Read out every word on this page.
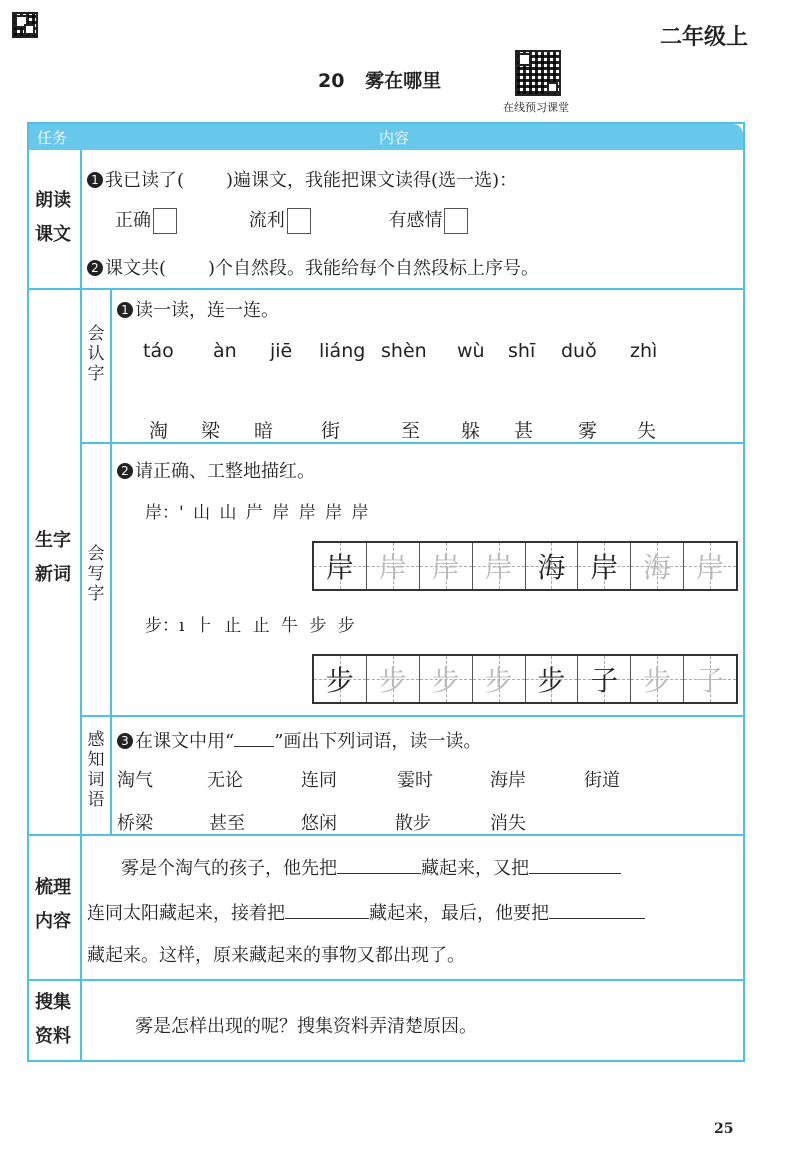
二年级上
20 雾在哪里
在线预习课堂
任务	内容
朗读
课文
1 我已读了( )遍课文，我能把课文读得(选一选)：
正确	流利	有感情
2 课文共( )个自然段。我能给每个自然段标上序号。
生字
新词
会
认
字
1 读一读，连一连。
táo àn jiē liáng shèn wù shī duǒ zhì
淘 梁 暗	街	至 躲 甚 雾 失
会
写
字
2 请正确、工整地描红。
岸：' 山 山 屵 岸 岸 岸 岸
岸 岸 岸 岸 海 岸 海 岸
步：ı ⺊ 止 止 牛 步 步
步 步 步 步 步 子 步 子
感
知
词
语
3 在课文中用“ ”画出下列词语，读一读。
淘气	无论	连同	霎时	海岸	街道
桥梁	甚至	悠闲	散步	消失
梳理
内容
雾是个淘气的孩子，他先把	藏起来，又把
连同太阳藏起来，接着把	藏起来，最后，他要把
藏起来。这样，原来藏起来的事物又都出现了。
搜集
资料	雾是怎样出现的呢？搜集资料弄清楚原因。
25
